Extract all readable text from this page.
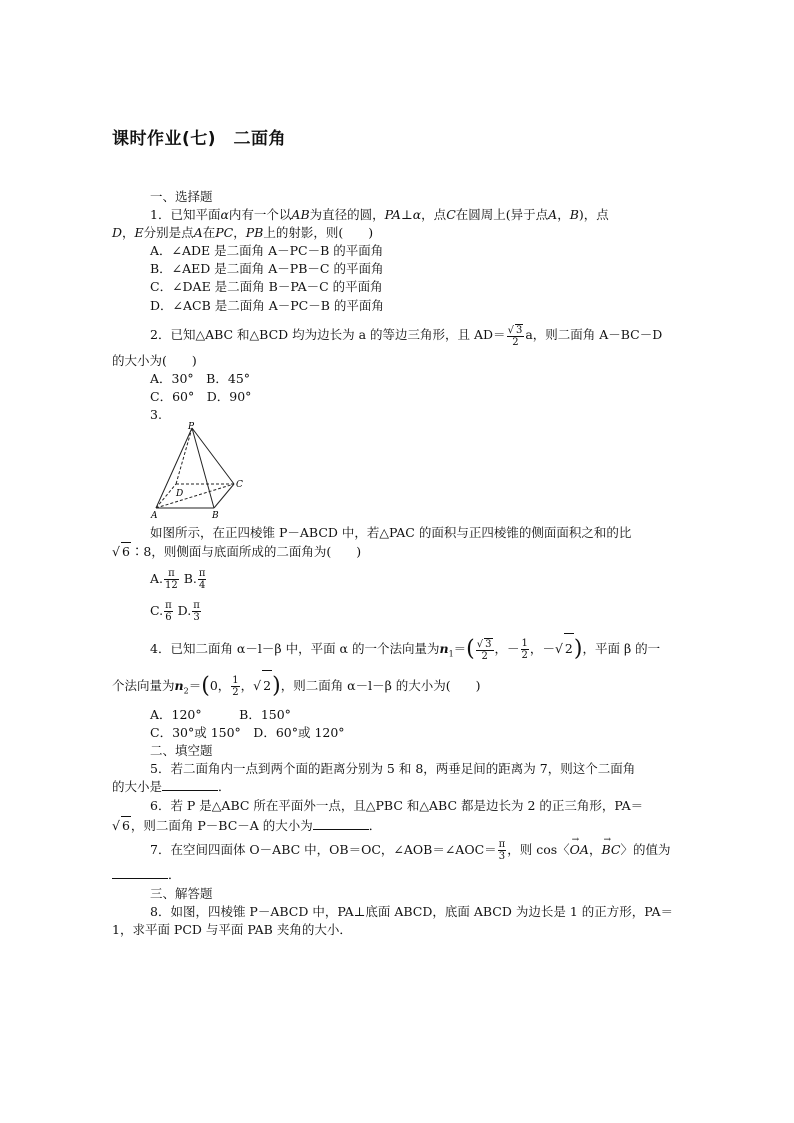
课时作业(七)　二面角
一、选择题
1．已知平面α内有一个以AB为直径的圆，PA⊥α，点C在圆周上(异于点A，B)，点
D，E分别是点A在PC，PB上的射影，则(　　)
A．∠ADE 是二面角 A－PC－B 的平面角
B．∠AED 是二面角 A－PB－C 的平面角
C．∠DAE 是二面角 B－PA－C 的平面角
D．∠ACB 是二面角 A－PC－B 的平面角
2．已知△ABC 和△BCD 均为边长为 a 的等边三角形，且 $AD= \frac{√ 3}{2}$ a，则二面角 A－BC－D
的大小为(　　)
A．30°　B．45°
C．60°　D．90°
3.
P
D
C
A	B
如图所示，在正四棱锥 P－ABCD 中，若△PAC 的面积与正四棱锥的侧面面积之和的比
√ 6∶8，则侧面与底面所成的二面角为(　　)
A. $\frac{\pi}{12} B$. $\frac{\pi}{4}$
C. $\frac{\pi}{6} D$. $\frac{\pi}{3}$
4．已知二面角 α－l－β 中，平面 α 的一个法向量为$n_1=( \frac{√ 3}{2}$ ，－ $\frac{1}{2}$ ，－√ 2)，平面 β 的一
个法向量为$n_2=(0$， $\frac{1}{2}$ ，√ 2)，则二面角 α－l－β 的大小为(　　)
A．120°　　　B．150°
C．30°或 150°　D．60°或 120°
二、填空题
5．若二面角内一点到两个面的距离分别为 5 和 8，两垂足间的距离为 7，则这个二面角
的大小是	．
6．若 P 是△ABC 所在平面外一点，且△PBC 和△ABC 都是边长为 2 的正三角形，PA＝
√ 6，则二面角 P－BC－A 的大小为	．
7．在空间四面体 O－ABC 中，OB＝OC，∠AOB＝∠AOC＝ $\frac{\pi}{3}$ ，则 cos〈→ OA，→ BC〉的值为
．
三、解答题
8．如图，四棱锥 P－ABCD 中，PA⊥底面 ABCD，底面 ABCD 为边长是 1 的正方形，PA＝
1，求平面 PCD 与平面 PAB 夹角的大小．
